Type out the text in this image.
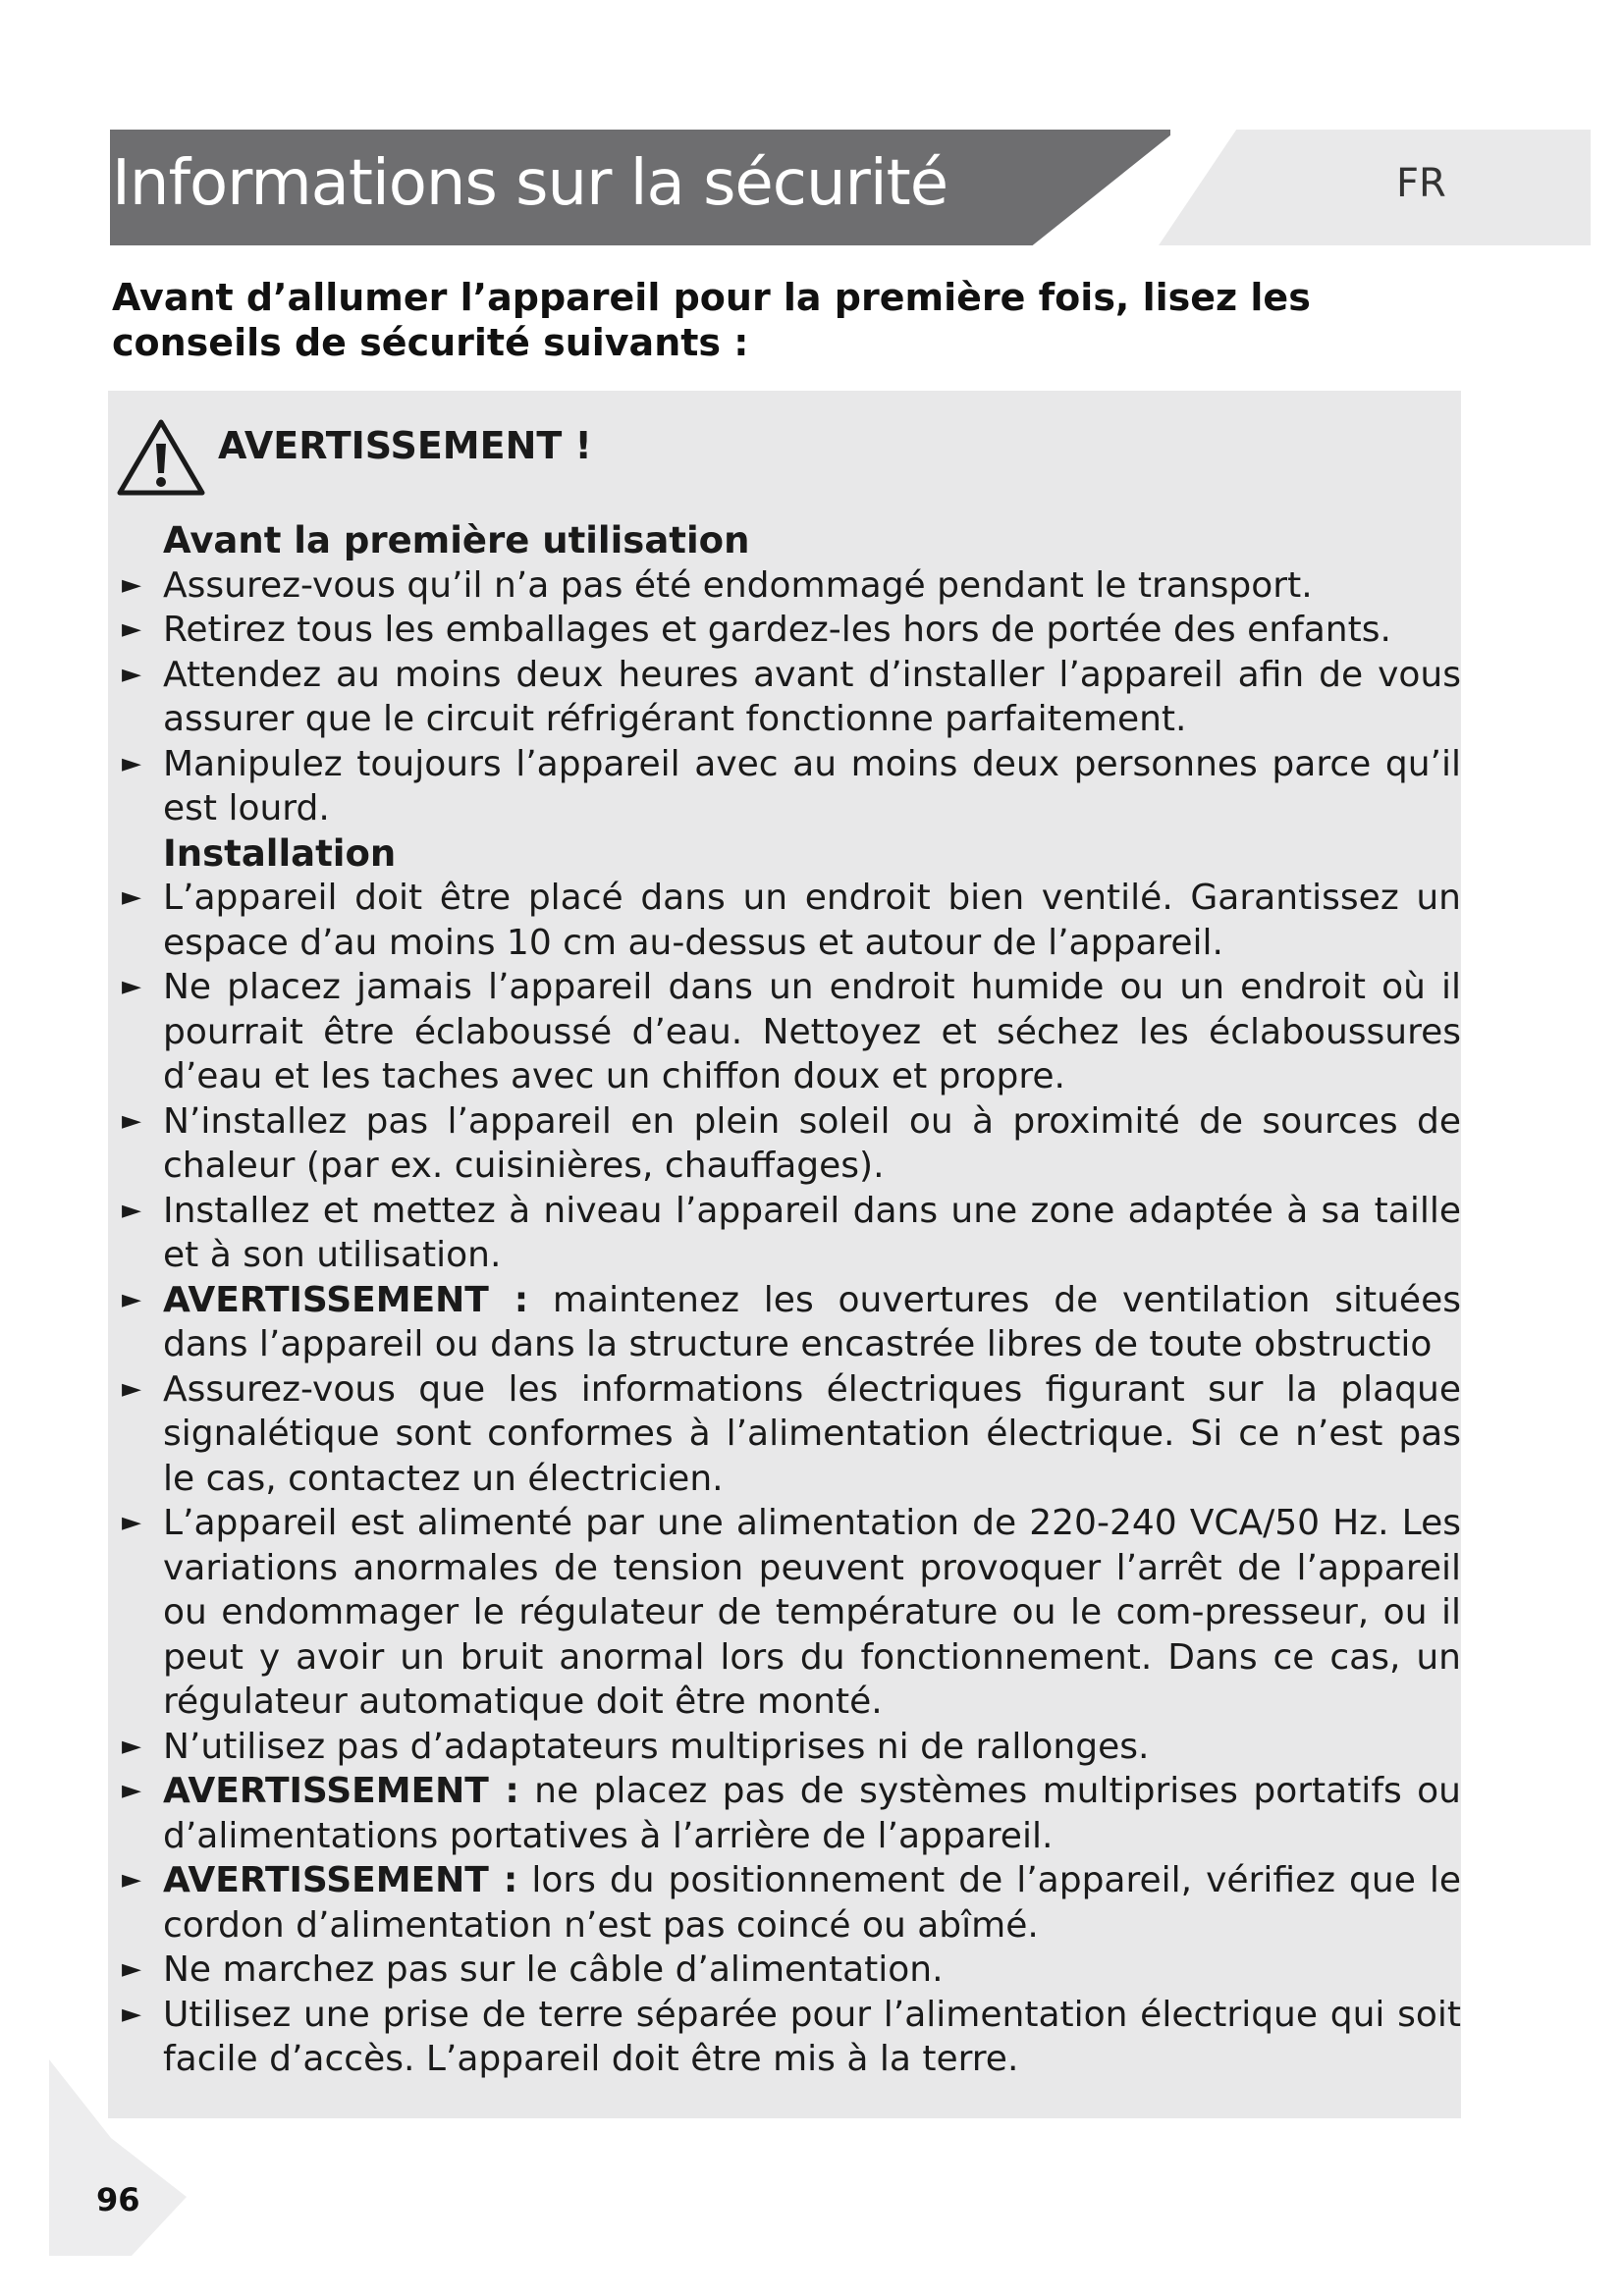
Informations sur la sécurité	FR

Avant d’allumer l’appareil pour la première fois, lisez les conseils de sécurité suivants :

AVERTISSEMENT !
Avant la première utilisation
► Assurez-vous qu’il n’a pas été endommagé pendant le transport.
► Retirez tous les emballages et gardez-les hors de portée des enfants.
► Attendez au moins deux heures avant d’installer l’appareil afin de vous assurer que le circuit réfrigérant fonctionne parfaitement.
► Manipulez toujours l’appareil avec au moins deux personnes parce qu’il est lourd.
Installation
► L’appareil doit être placé dans un endroit bien ventilé. Garantissez un espace d’au moins 10 cm au-dessus et autour de l’appareil.
► Ne placez jamais l’appareil dans un endroit humide ou un endroit où il pourrait être éclaboussé d’eau. Nettoyez et séchez les éclaboussures d’eau et les taches avec un chiffon doux et propre.
► N’installez pas l’appareil en plein soleil ou à proximité de sources de chaleur (par ex. cuisinières, chauffages).
► Installez et mettez à niveau l’appareil dans une zone adaptée à sa taille et à son utilisation.
► AVERTISSEMENT : maintenez les ouvertures de ventilation situées dans l’appareil ou dans la structure encastrée libres de toute obstructio
► Assurez-vous que les informations électriques figurant sur la plaque signalétique sont conformes à l’alimentation électrique. Si ce n’est pas le cas, contactez un électricien.
► L’appareil est alimenté par une alimentation de 220-240 VCA/50 Hz. Les variations anormales de tension peuvent provoquer l’arrêt de l’appareil ou endommager le régulateur de température ou le com-presseur, ou il peut y avoir un bruit anormal lors du fonctionnement. Dans ce cas, un régulateur automatique doit être monté.
► N’utilisez pas d’adaptateurs multiprises ni de rallonges.
► AVERTISSEMENT : ne placez pas de systèmes multiprises portatifs ou d’alimentations portatives à l’arrière de l’appareil.
► AVERTISSEMENT : lors du positionnement de l’appareil, vérifiez que le cordon d’alimentation n’est pas coincé ou abîmé.
► Ne marchez pas sur le câble d’alimentation.
► Utilisez une prise de terre séparée pour l’alimentation électrique qui soit facile d’accès. L’appareil doit être mis à la terre.
96
